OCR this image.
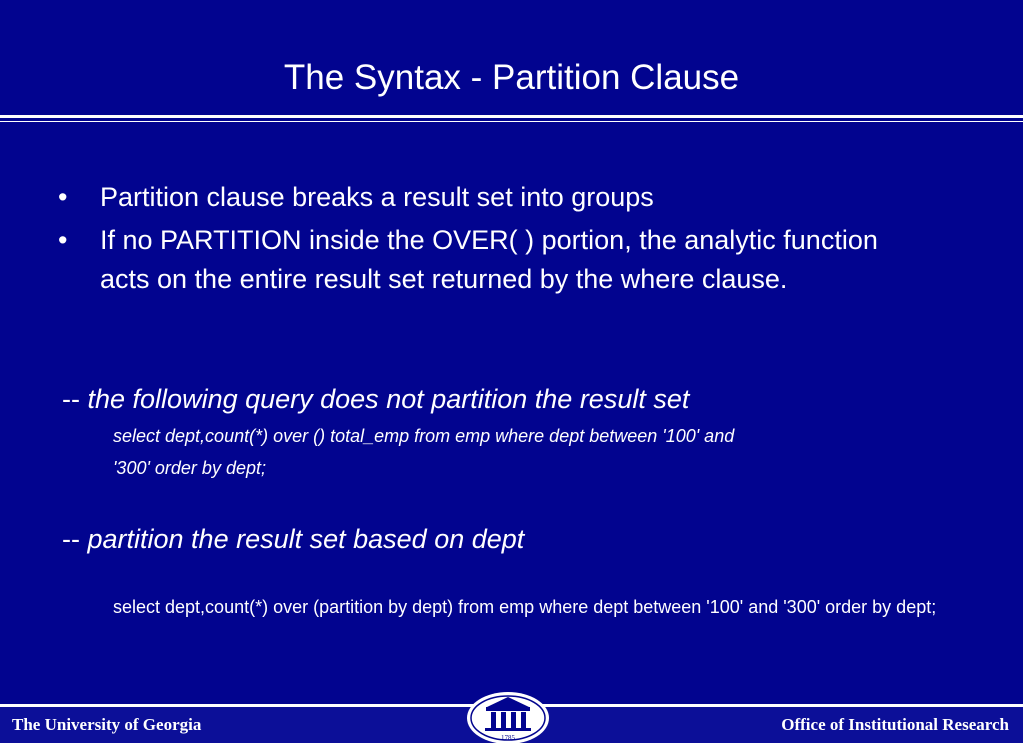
The Syntax - Partition Clause
• Partition clause breaks a result set into groups
• If no PARTITION inside the OVER( ) portion, the analytic function acts on the entire result set returned by the where clause.
-- the following query does not partition the result set
select dept,count(*) over () total_emp from emp where dept between '100' and
'300' order by dept;
-- partition the result set based on dept
select dept,count(*) over (partition by dept) from emp where dept between '100' and '300' order by dept;
The University of Georgia	Office of Institutional Research
1785
